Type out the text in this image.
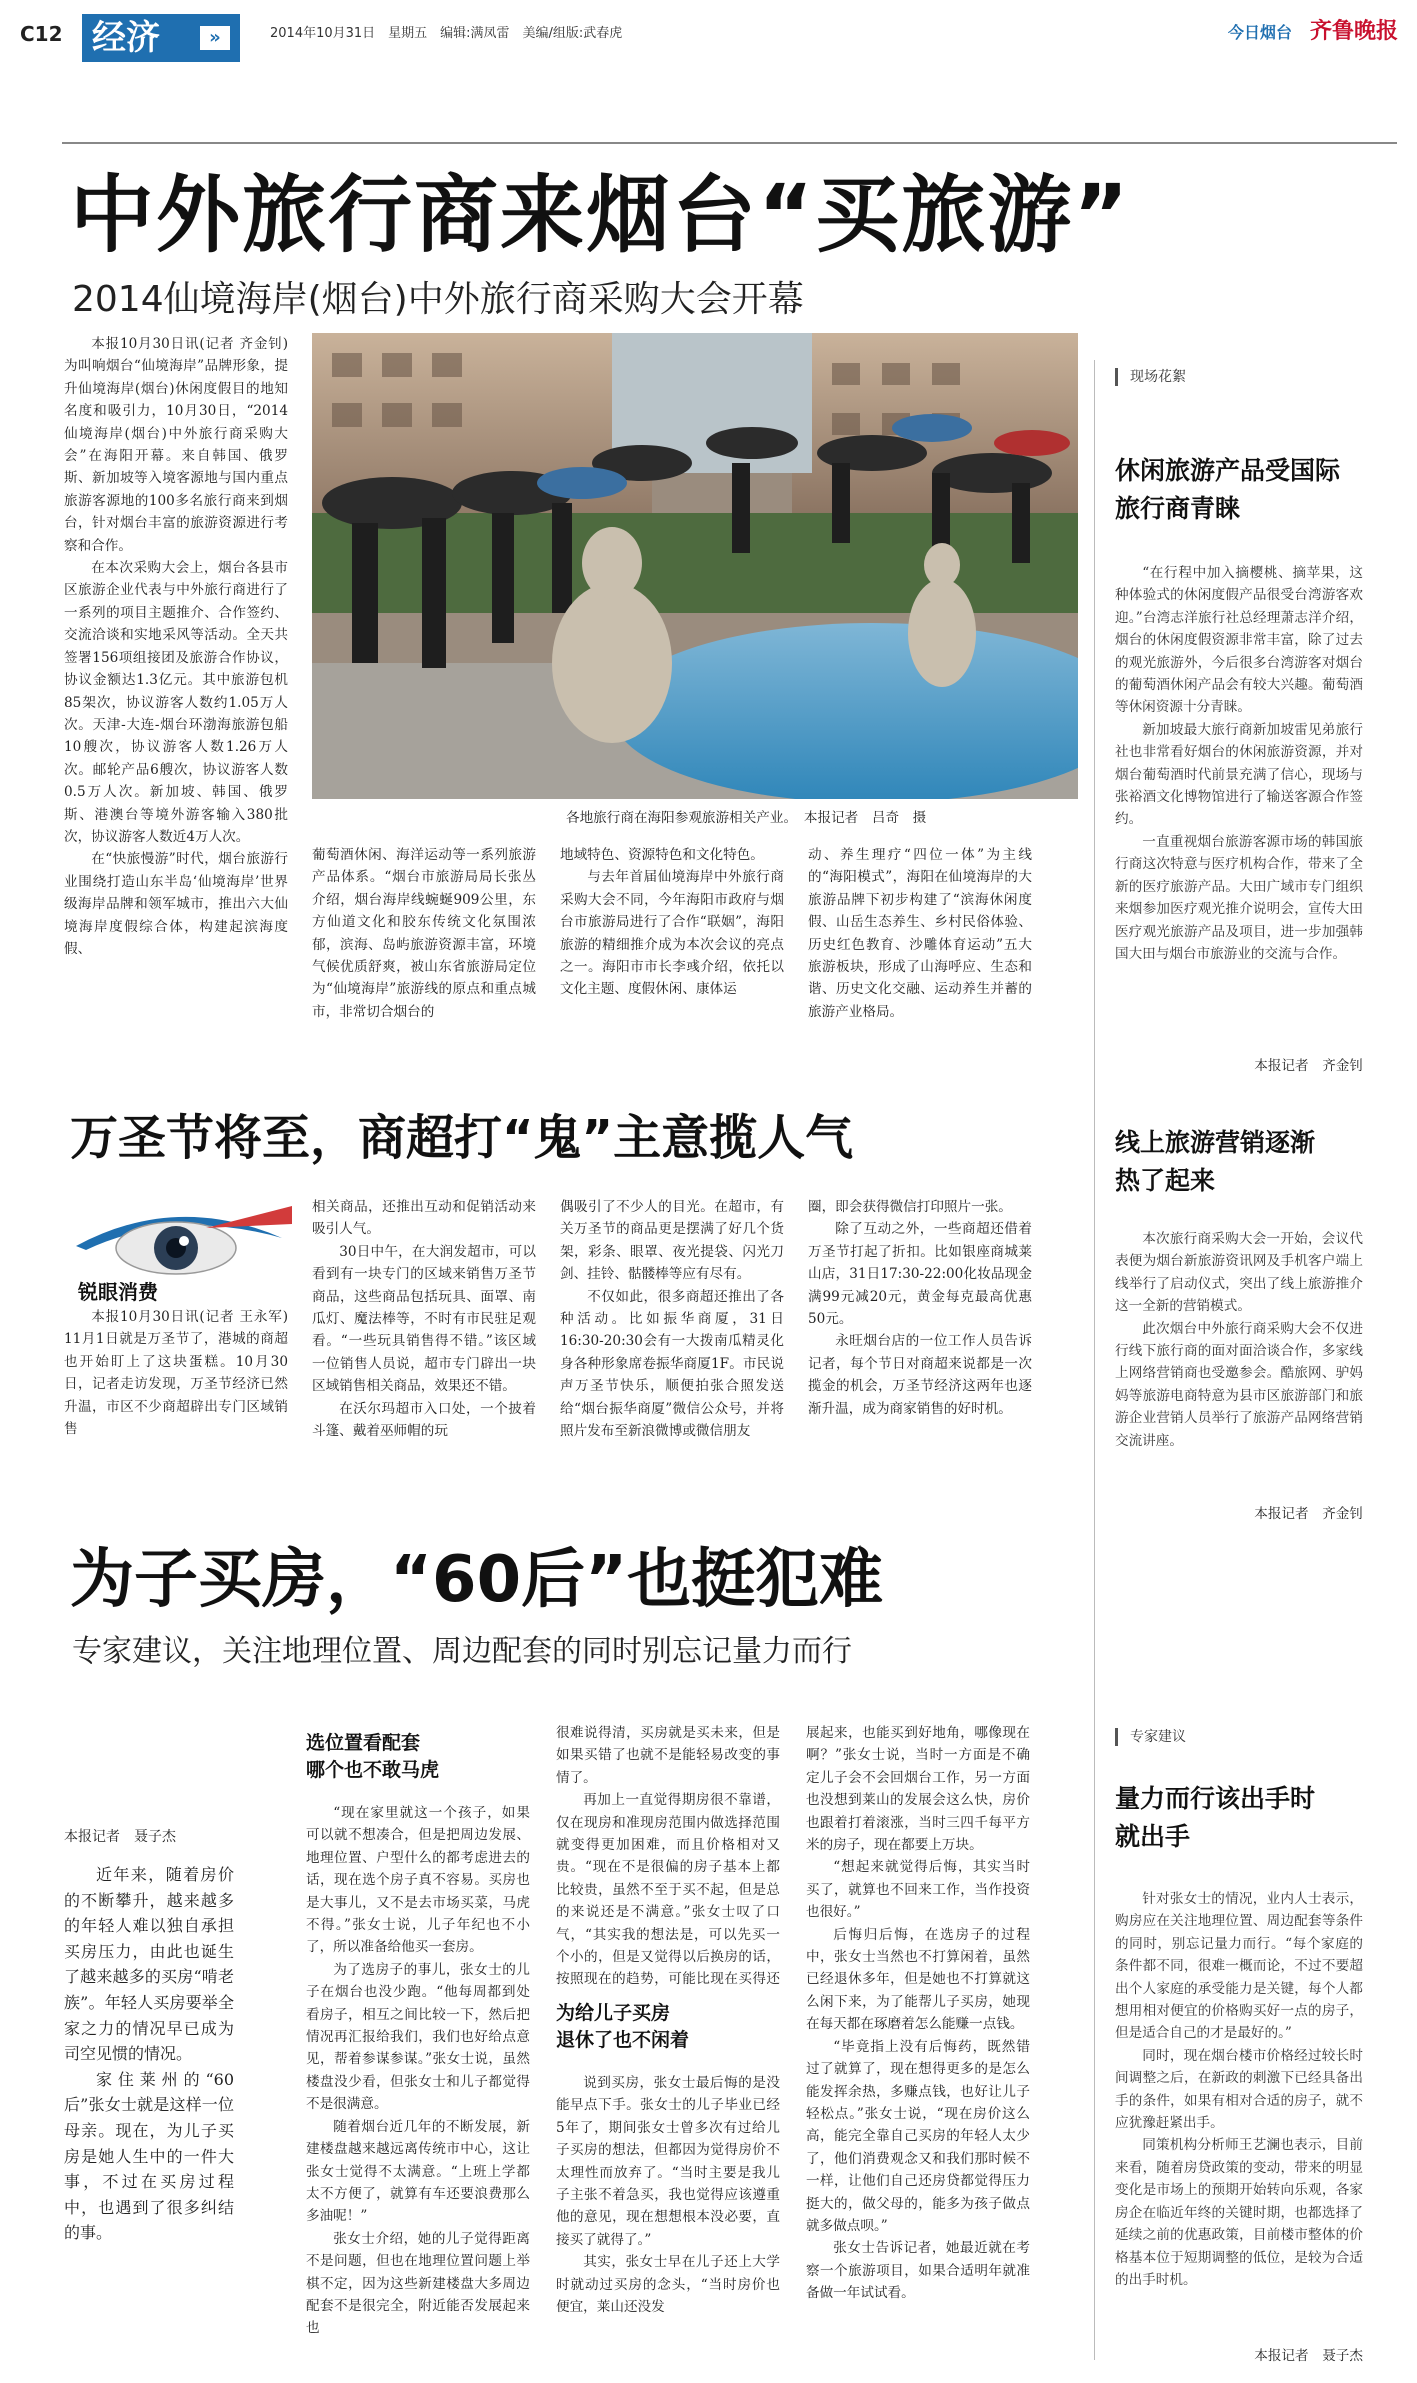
C12 经济	»	2014年10月31日　星期五　编辑:满凤雷　美编/组版:武春虎	今日烟台 齐鲁晚报
中外旅行商来烟台“买旅游”
2014仙境海岸(烟台)中外旅行商采购大会开幕

本报10月30日讯(记者 齐金钊)　为叫响烟台“仙境海岸”品牌形象，提升仙境海岸(烟台)休闲度假目的地知名度和吸引力，10月30日，“2014仙境海岸(烟台)中外旅行商采购大会”在海阳开幕。来自韩国、俄罗斯、新加坡等入境客源地与国内重点旅游客源地的100多名旅行商来到烟台，针对烟台丰富的旅游资源进行考察和合作。

在本次采购大会上，烟台各县市区旅游企业代表与中外旅行商进行了一系列的项目主题推介、合作签约、交流洽谈和实地采风等活动。全天共签署156项组接团及旅游合作协议，协议金额达1.3亿元。其中旅游包机85架次，协议游客人数约1.05万人次。天津-大连-烟台环渤海旅游包船10艘次，协议游客人数1.26万人次。邮轮产品6艘次，协议游客人数0.5万人次。新加坡、韩国、俄罗斯、港澳台等境外游客输入380批次，协议游客人数近4万人次。

在“快旅慢游”时代，烟台旅游行业围绕打造山东半岛‘仙境海岸’世界级海岸品牌和领军城市，推出六大仙境海岸度假综合体，构建起滨海度假、

各地旅行商在海阳参观旅游相关产业。　本报记者　吕奇　摄

葡萄酒休闲、海洋运动等一系列旅游产品体系。“烟台市旅游局局长张丛介绍，烟台海岸线蜿蜒909公里，东方仙道文化和胶东传统文化氛围浓郁，滨海、岛屿旅游资源丰富，环境气候优质舒爽，被山东省旅游局定位为“仙境海岸”旅游线的原点和重点城市，非常切合烟台的

地域特色、资源特色和文化特色。

与去年首届仙境海岸中外旅行商采购大会不同，今年海阳市政府与烟台市旅游局进行了合作“联姻”，海阳旅游的精细推介成为本次会议的亮点之一。海阳市市长李彧介绍，依托以文化主题、度假休闲、康体运

动、养生理疗“四位一体”为主线的“海阳模式”，海阳在仙境海岸的大旅游品牌下初步构建了“滨海休闲度假、山岳生态养生、乡村民俗体验、历史红色教育、沙雕体育运动”五大旅游板块，形成了山海呼应、生态和谐、历史文化交融、运动养生并蓄的旅游产业格局。

现场花絮
休闲旅游产品受国际旅行商青睐

“在行程中加入摘樱桃、摘苹果，这种体验式的休闲度假产品很受台湾游客欢迎。”台湾志洋旅行社总经理萧志洋介绍，烟台的休闲度假资源非常丰富，除了过去的观光旅游外，今后很多台湾游客对烟台的葡萄酒休闲产品会有较大兴趣。葡萄酒等休闲资源十分青睐。

新加坡最大旅行商新加坡雷见弟旅行社也非常看好烟台的休闲旅游资源，并对烟台葡萄酒时代前景充满了信心，现场与张裕酒文化博物馆进行了输送客源合作签约。

一直重视烟台旅游客源市场的韩国旅行商这次特意与医疗机构合作，带来了全新的医疗旅游产品。大田广域市专门组织来烟参加医疗观光推介说明会，宣传大田医疗观光旅游产品及项目，进一步加强韩国大田与烟台市旅游业的交流与合作。

本报记者　齐金钊
线上旅游营销逐渐热了起来

本次旅行商采购大会一开始，会议代表便为烟台新旅游资讯网及手机客户端上线举行了启动仪式，突出了线上旅游推介这一全新的营销模式。

此次烟台中外旅行商采购大会不仅进行线下旅行商的面对面洽谈合作，多家线上网络营销商也受邀参会。酷旅网、驴妈妈等旅游电商特意为县市区旅游部门和旅游企业营销人员举行了旅游产品网络营销交流讲座。

本报记者　齐金钊
万圣节将至，商超打“鬼”主意揽人气
锐眼消费

本报10月30日讯(记者 王永军)　11月1日就是万圣节了，港城的商超也开始盯上了这块蛋糕。10月30日，记者走访发现，万圣节经济已然升温，市区不少商超辟出专门区域销售

相关商品，还推出互动和促销活动来吸引人气。

30日中午，在大润发超市，可以看到有一块专门的区域来销售万圣节商品，这些商品包括玩具、面罩、南瓜灯、魔法棒等，不时有市民驻足观看。“一些玩具销售得不错。”该区域一位销售人员说，超市专门辟出一块区域销售相关商品，效果还不错。

在沃尔玛超市入口处，一个披着斗篷、戴着巫师帽的玩

偶吸引了不少人的目光。在超市，有关万圣节的商品更是摆满了好几个货架，彩条、眼罩、夜光提袋、闪光刀剑、挂铃、骷髅棒等应有尽有。

不仅如此，很多商超还推出了各种活动。比如振华商厦，31日16:30-20:30会有一大拨南瓜精灵化身各种形象席卷振华商厦1F。市民说声万圣节快乐，顺便拍张合照发送给“烟台振华商厦”微信公众号，并将照片发布至新浪微博或微信朋友

圈，即会获得微信打印照片一张。

除了互动之外，一些商超还借着万圣节打起了折扣。比如银座商城莱山店，31日17:30-22:00化妆品现金满99元减20元，黄金每克最高优惠50元。

永旺烟台店的一位工作人员告诉记者，每个节日对商超来说都是一次揽金的机会，万圣节经济这两年也逐渐升温，成为商家销售的好时机。

为子买房，“60后”也挺犯难
专家建议，关注地理位置、周边配套的同时别忘记量力而行
本报记者　聂子杰

近年来，随着房价的不断攀升，越来越多的年轻人难以独自承担买房压力，由此也诞生了越来越多的买房“啃老族”。年轻人买房要举全家之力的情况早已成为司空见惯的情况。

家住莱州的“60后”张女士就是这样一位母亲。现在，为儿子买房是她人生中的一件大事，不过在买房过程中，也遇到了很多纠结的事。

选位置看配套
哪个也不敢马虎

“现在家里就这一个孩子，如果可以就不想凑合，但是把周边发展、地理位置、户型什么的都考虑进去的话，现在选个房子真不容易。买房也是大事儿，又不是去市场买菜，马虎不得。”张女士说，儿子年纪也不小了，所以准备给他买一套房。

为了选房子的事儿，张女士的儿子在烟台也没少跑。“他每周都到处看房子，相互之间比较一下，然后把情况再汇报给我们，我们也好给点意见，帮着参谋参谋。”张女士说，虽然楼盘没少看，但张女士和儿子都觉得不是很满意。

随着烟台近几年的不断发展，新建楼盘越来越远离传统市中心，这让张女士觉得不太满意。“上班上学都太不方便了，就算有车还要浪费那么多油呢！”

张女士介绍，她的儿子觉得距离不是问题，但也在地理位置问题上举棋不定，因为这些新建楼盘大多周边配套不是很完全，附近能否发展起来也

很难说得清，买房就是买未来，但是如果买错了也就不是能轻易改变的事情了。

再加上一直觉得期房很不靠谱，仅在现房和准现房范围内做选择范围就变得更加困难，而且价格相对又贵。“现在不是很偏的房子基本上都比较贵，虽然不至于买不起，但是总的来说还是不满意。”张女士叹了口气，“其实我的想法是，可以先买一个小的，但是又觉得以后换房的话，按照现在的趋势，可能比现在买得还

为给儿子买房
退休了也不闲着

说到买房，张女士最后悔的是没能早点下手。张女士的儿子毕业已经5年了，期间张女士曾多次有过给儿子买房的想法，但都因为觉得房价不太理性而放弃了。“当时主要是我儿子主张不着急买，我也觉得应该遵重他的意见，现在想想根本没必要，直接买了就得了。”

其实，张女士早在儿子还上大学时就动过买房的念头，“当时房价也便宜，莱山还没发

展起来，也能买到好地角，哪像现在啊？”张女士说，当时一方面是不确定儿子会不会回烟台工作，另一方面也没想到莱山的发展会这么快，房价也跟着打着滚涨，当时三四千每平方米的房子，现在都要上万块。

“想起来就觉得后悔，其实当时买了，就算也不回来工作，当作投资也很好。”

后悔归后悔，在选房子的过程中，张女士当然也不打算闲着，虽然已经退休多年，但是她也不打算就这么闲下来，为了能帮儿子买房，她现在每天都在琢磨着怎么能赚一点钱。

“毕竟指上没有后悔药，既然错过了就算了，现在想得更多的是怎么能发挥余热，多赚点钱，也好让儿子轻松点。”张女士说，“现在房价这么高，能完全靠自己买房的年轻人太少了，他们消费观念又和我们那时候不一样，让他们自己还房贷都觉得压力挺大的，做父母的，能多为孩子做点就多做点呗。”

张女士告诉记者，她最近就在考察一个旅游项目，如果合适明年就准备做一年试试看。

专家建议
量力而行该出手时就出手

针对张女士的情况，业内人士表示，购房应在关注地理位置、周边配套等条件的同时，别忘记量力而行。“每个家庭的条件都不同，很难一概而论，不过不要超出个人家庭的承受能力是关键，每个人都想用相对便宜的价格购买好一点的房子，但是适合自己的才是最好的。”

同时，现在烟台楼市价格经过较长时间调整之后，在新政的刺激下已经具备出手的条件，如果有相对合适的房子，就不应犹豫赶紧出手。

同策机构分析师王艺澜也表示，目前来看，随着房贷政策的变动，带来的明显变化是市场上的预期开始转向乐观，各家房企在临近年终的关键时期，也都选择了延续之前的优惠政策，目前楼市整体的价格基本位于短期调整的低位，是较为合适的出手时机。

本报记者　聂子杰
